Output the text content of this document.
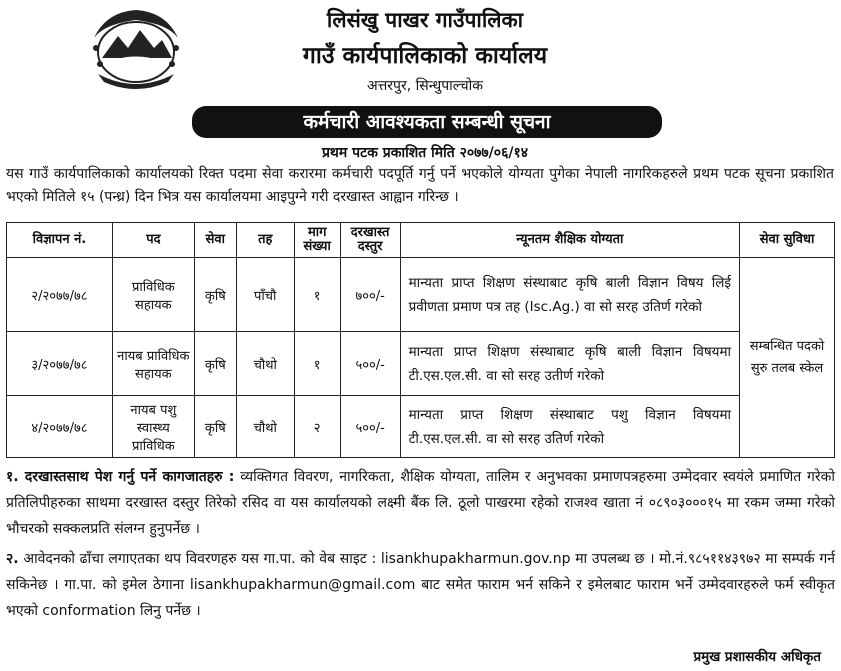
लिसंखु पाखर गाउँपालिका
गाउँ कार्यपालिकाको कार्यालय
अत्तरपुर, सिन्धुपाल्चोक
कर्मचारी आवश्यकता सम्बन्धी सूचना
प्रथम पटक प्रकाशित मिति २०७७/०६/१४
यस गाउँ कार्यपालिकाको कार्यालयको रिक्त पदमा सेवा करारमा कर्मचारी पदपूर्ति गर्नु पर्ने भएकोले योग्यता पुगेका नेपाली नागरिकहरुले प्रथम पटक सूचना प्रकाशित भएको मितिले १५ (पन्ध्र) दिन भित्र यस कार्यालयमा आइपुग्ने गरी दरखास्त आह्वान गरिन्छ ।
विज्ञापन नं.	पद	सेवा	तह	माग संख्या	दरखास्त दस्तुर	न्यूनतम शैक्षिक योग्यता	सेवा सुविधा
२/२०७७/७८	प्राविधिक सहायक	कृषि	पाँचौ	१	७००/-	मान्यता प्राप्त शिक्षण संस्थाबाट कृषि बाली विज्ञान विषय लिई प्रवीणता प्रमाण पत्र तह (Isc.Ag.) वा सो सरह उतिर्ण गरेको	सम्बन्धित पदको सुरु तलब स्केल
३/२०७७/७८	नायब प्राविधिक सहायक	कृषि	चौथो	१	५००/-	मान्यता प्राप्त शिक्षण संस्थाबाट कृषि बाली विज्ञान विषयमा टी.एस.एल.सी. वा सो सरह उतीर्ण गरेको	
४/२०७७/७८	नायब पशु स्वास्थ्य प्राविधिक	कृषि	चौथो	२	५००/-	मान्यता प्राप्त शिक्षण संस्थाबाट पशु विज्ञान विषयमा टी.एस.एल.सी. वा सो सरह उतिर्ण गरेको	

१. दरखास्तसाथ पेश गर्नु पर्ने कागजातहरु : व्यक्तिगत विवरण, नागरिकता, शैक्षिक योग्यता, तालिम र अनुभवका प्रमाणपत्रहरुमा उम्मेदवार स्वयंले प्रमाणित गरेको प्रतिलिपीहरुका साथमा दरखास्त दस्तुर तिरेको रसिद वा यस कार्यालयको लक्ष्मी बैंक लि. ठूलो पाखरमा रहेको राजश्व खाता नं ०८९०३०००१५ मा रकम जम्मा गरेको भौचरको सक्कलप्रति संलग्न हुनुपर्नेछ ।

२. आवेदनको ढाँचा लगाएतका थप विवरणहरु यस गा.पा. को वेब साइट : lisankhupakharmun.gov.np मा उपलब्ध छ । मो.नं.९८५११४३९७२ मा सम्पर्क गर्न सकिनेछ । गा.पा. को इमेल ठेगाना lisankhupakharmun@gmail.com बाट समेत फाराम भर्न सकिने र इमेलबाट फाराम भर्ने उम्मेदवारहरुले फर्म स्वीकृत भएको conformation लिनु पर्नेछ ।

प्रमुख प्रशासकीय अधिकृत
